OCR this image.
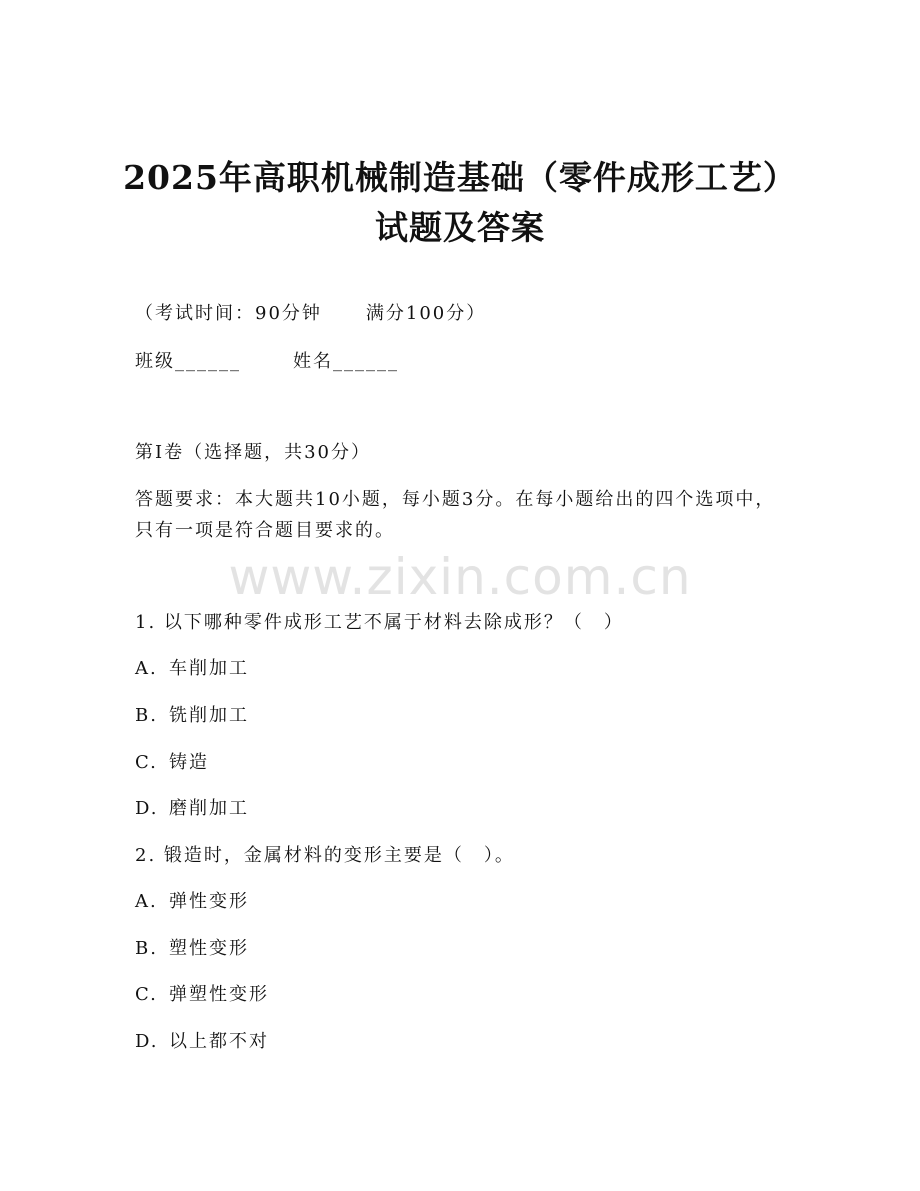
2025年高职机械制造基础（零件成形工艺）
试题及答案
（考试时间：90分钟 满分100分）
班级______	姓名______
第Ⅰ卷（选择题，共30分）
答题要求：本大题共10小题，每小题3分。在每小题给出的四个选项中，只有一项是符合题目要求的。
www.zixin.com.cn
1. 以下哪种零件成形工艺不属于材料去除成形？（　）
A. 车削加工
B. 铣削加工
C. 铸造
D. 磨削加工
2. 锻造时，金属材料的变形主要是（　）。
A. 弹性变形
B. 塑性变形
C. 弹塑性变形
D. 以上都不对
